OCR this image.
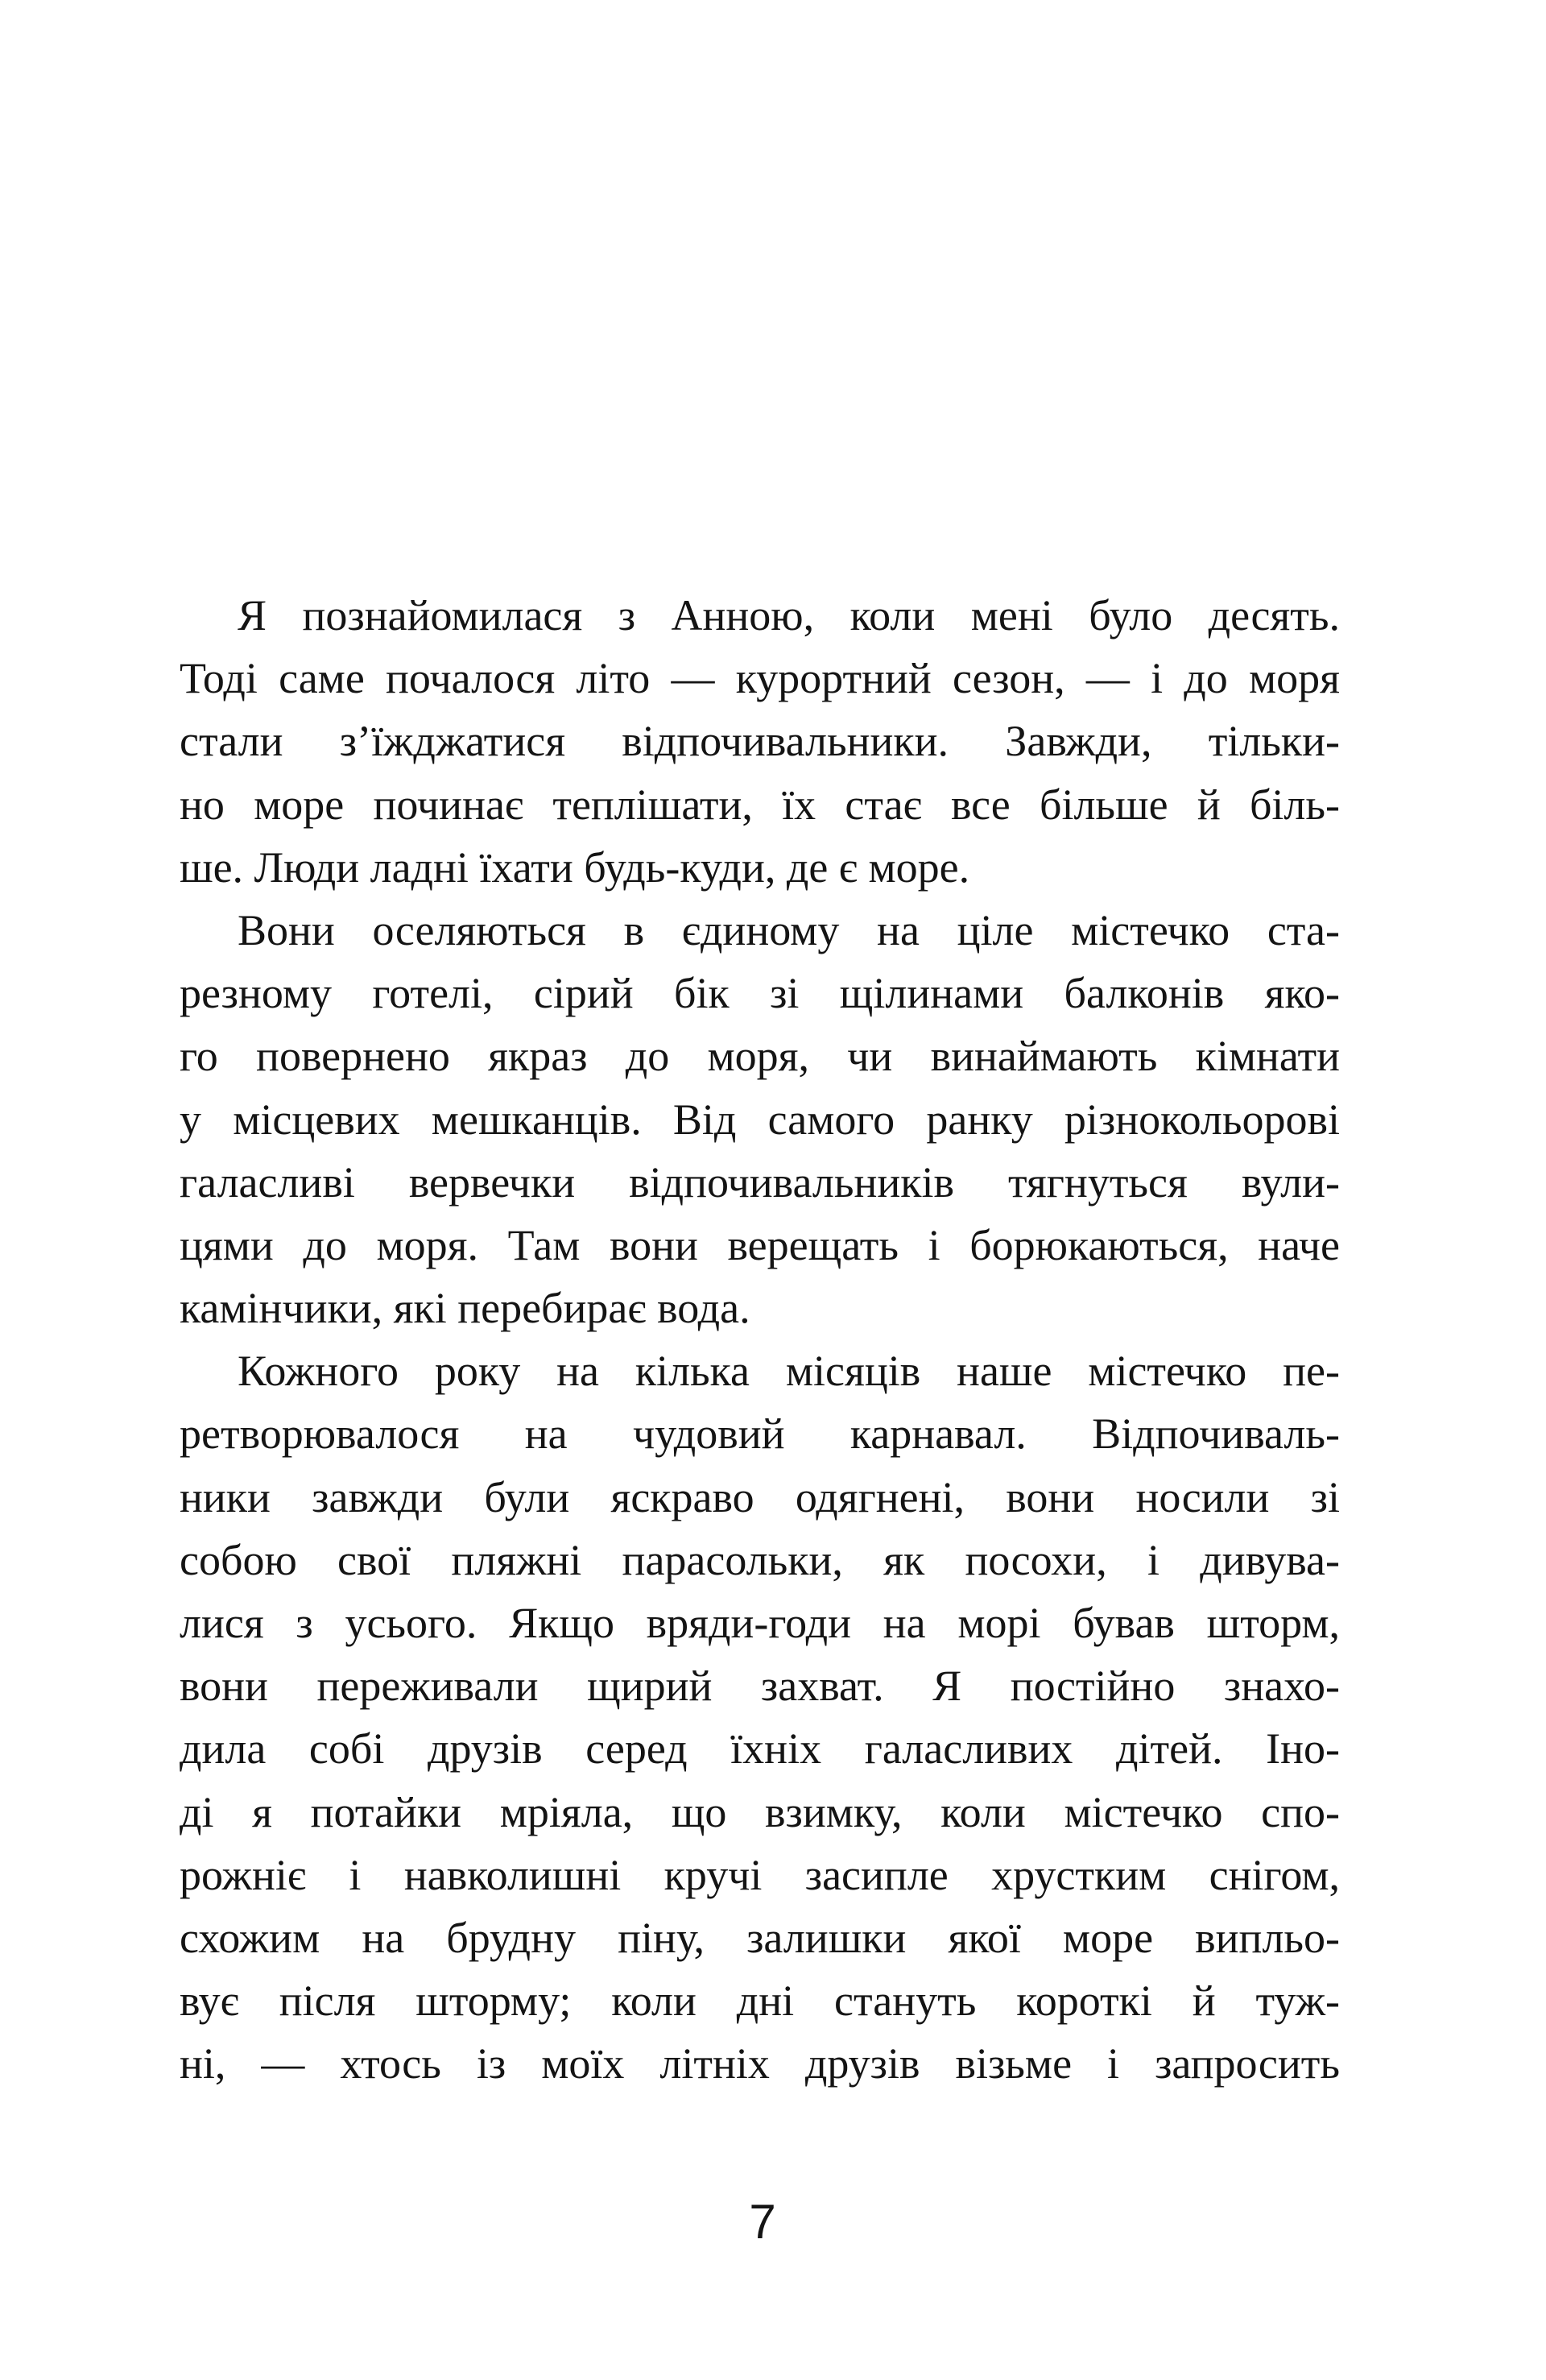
Я познайомилася з Анною, коли мені було десять.
Тоді саме почалося літо — курортний сезон, — і до моря
стали з’їжджатися відпочивальники. Завжди, тільки-
но море починає теплішати, їх стає все більше й біль-
ше. Люди ладні їхати будь-куди, де є море.
Вони оселяються в єдиному на ціле містечко ста-
резному готелі, сірий бік зі щілинами балконів яко-
го повернено якраз до моря, чи винаймають кімнати
у місцевих мешканців. Від самого ранку різнокольорові
галасливі вервечки відпочивальників тягнуться вули-
цями до моря. Там вони верещать і борюкаються, наче
камінчики, які перебирає вода.
Кожного року на кілька місяців наше містечко пе-
ретворювалося на чудовий карнавал. Відпочиваль-
ники завжди були яскраво одягнені, вони носили зі
собою свої пляжні парасольки, як посохи, і дивува-
лися з усього. Якщо вряди-годи на морі бував шторм,
вони переживали щирий захват. Я постійно знахо-
дила собі друзів серед їхніх галасливих дітей. Іно-
ді я потайки мріяла, що взимку, коли містечко спо-
рожніє і навколишні кручі засипле хрустким снігом,
схожим на брудну піну, залишки якої море випльо-
вує після шторму; коли дні стануть короткі й туж-
ні, — хтось із моїх літніх друзів візьме і запросить
7
